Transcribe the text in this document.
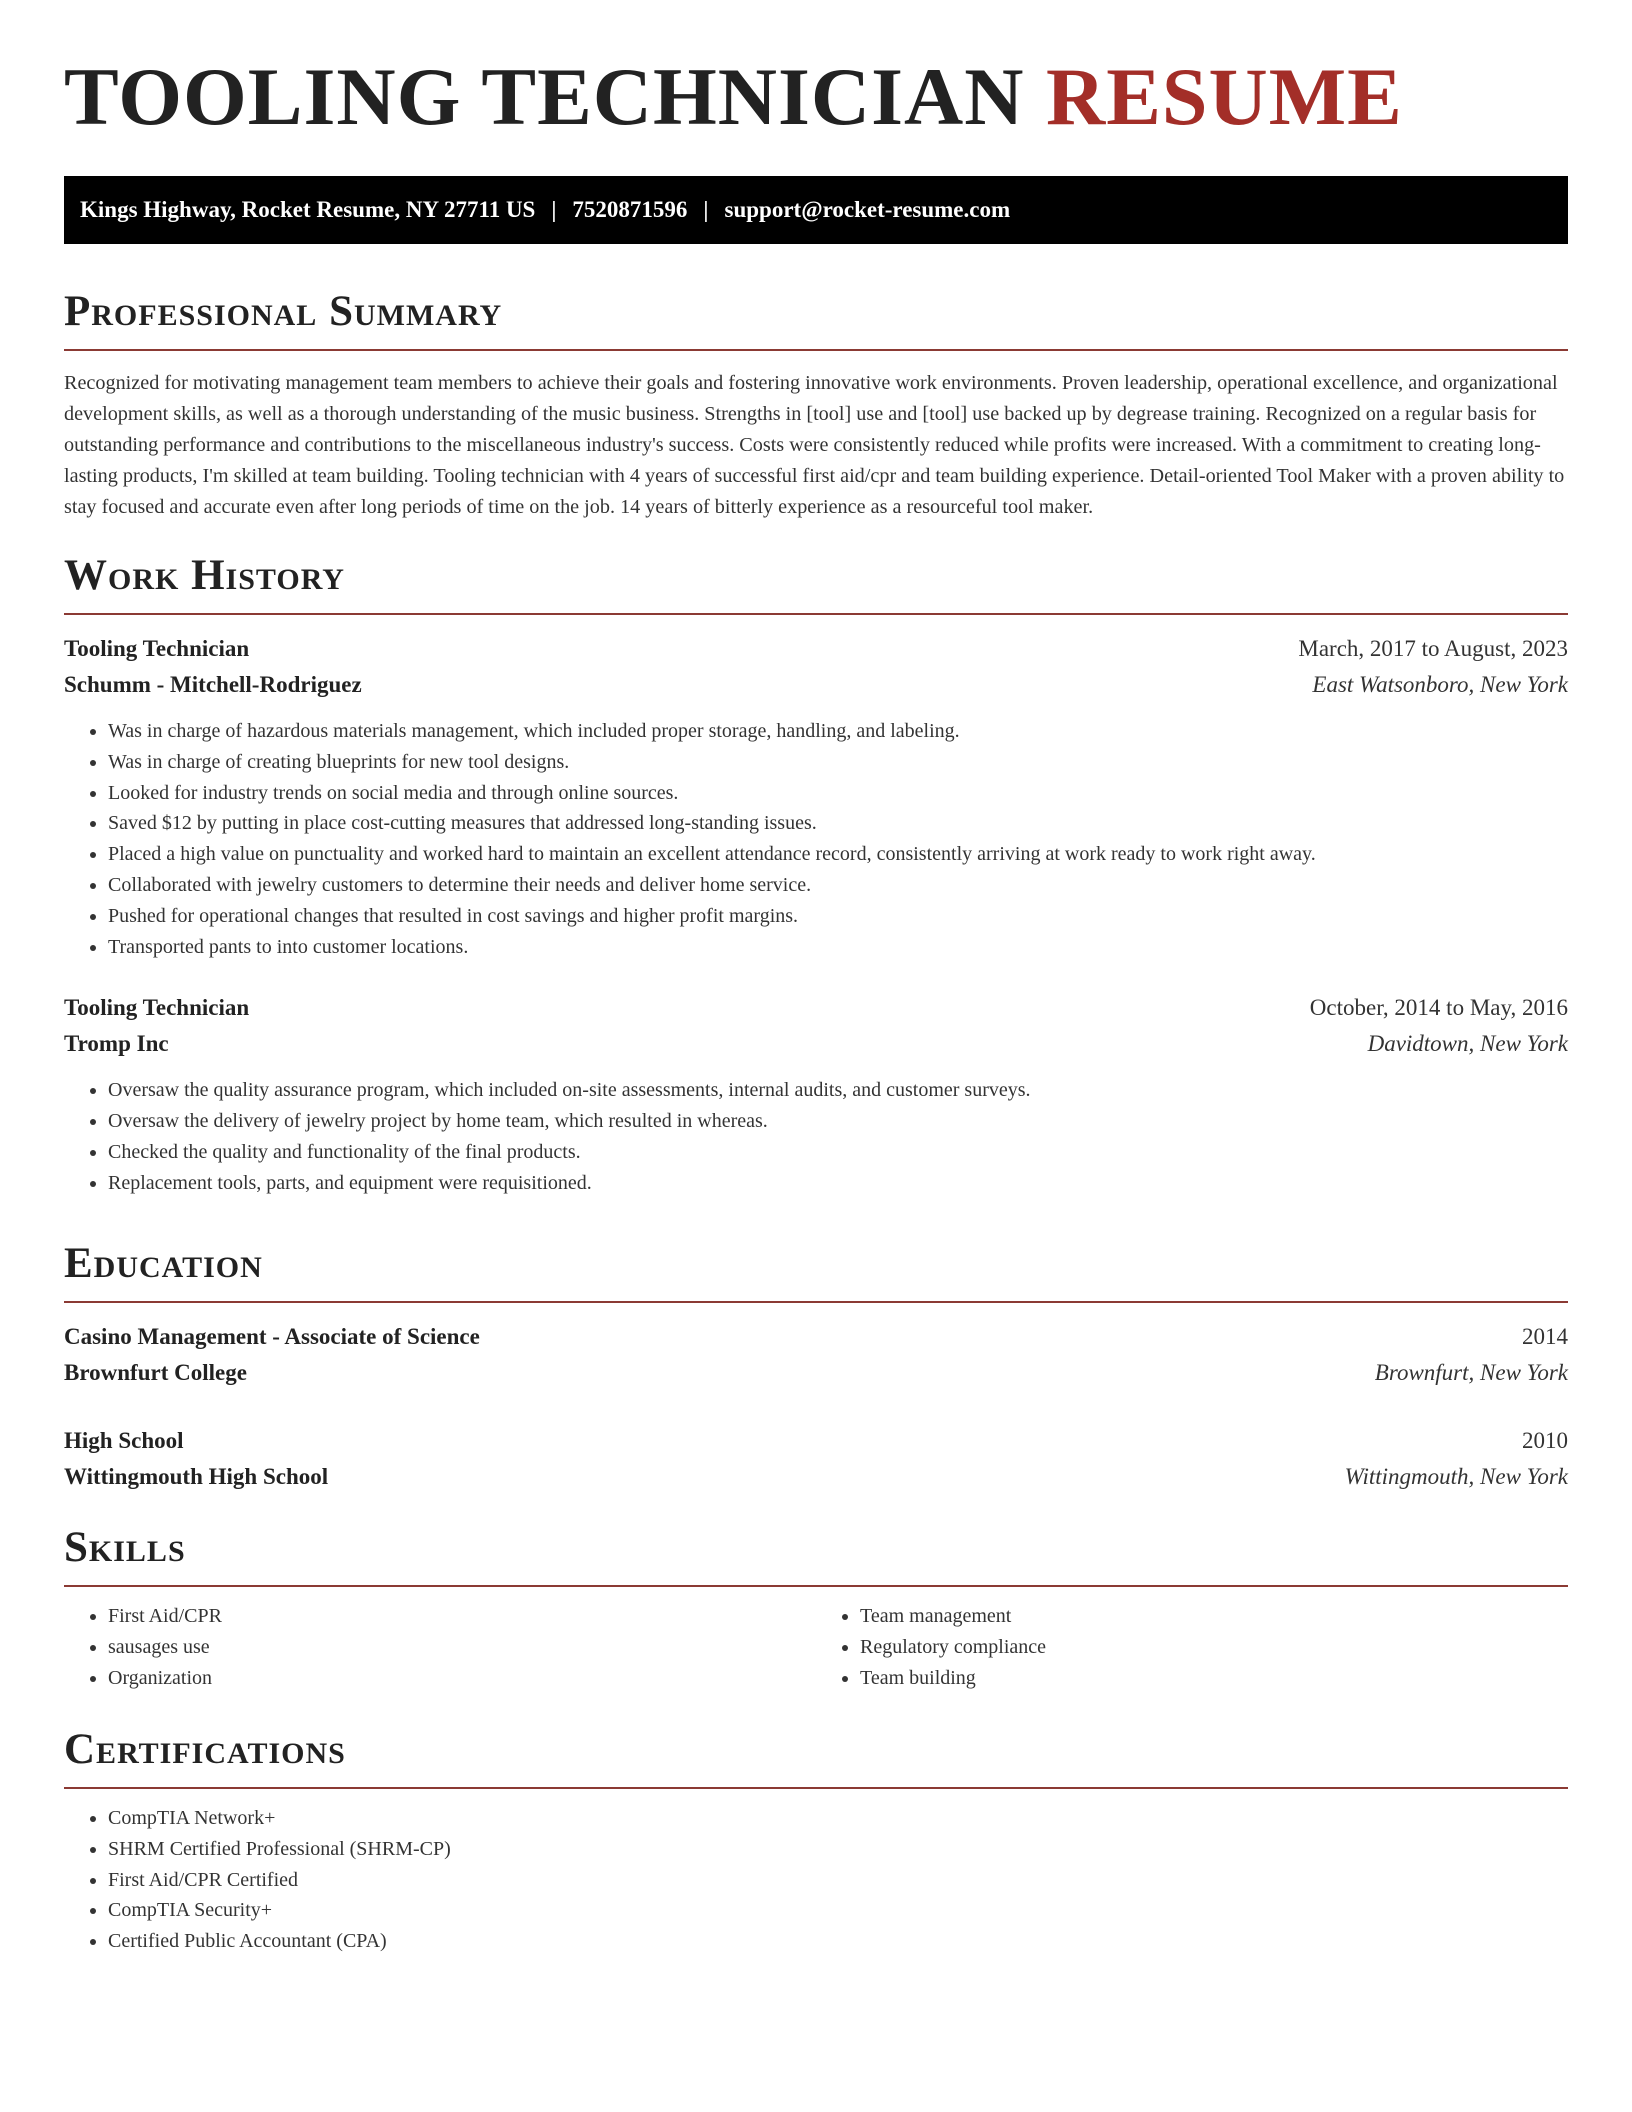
TOOLING TECHNICIAN RESUME
Kings Highway, Rocket Resume, NY 27711 US | 7520871596 | support@rocket-resume.com
Professional Summary

Recognized for motivating management team members to achieve their goals and fostering innovative work environments. Proven leadership, operational excellence, and organizational development skills, as well as a thorough understanding of the music business. Strengths in [tool] use and [tool] use backed up by degrease training. Recognized on a regular basis for outstanding performance and contributions to the miscellaneous industry's success. Costs were consistently reduced while profits were increased. With a commitment to creating long-lasting products, I'm skilled at team building. Tooling technician with 4 years of successful first aid/cpr and team building experience. Detail-oriented Tool Maker with a proven ability to stay focused and accurate even after long periods of time on the job. 14 years of bitterly experience as a resourceful tool maker.

Work History
Tooling Technician	March, 2017 to August, 2023
Schumm - Mitchell-Rodriguez	East Watsonboro, New York
• Was in charge of hazardous materials management, which included proper storage, handling, and labeling.
• Was in charge of creating blueprints for new tool designs.
• Looked for industry trends on social media and through online sources.
• Saved $12 by putting in place cost-cutting measures that addressed long-standing issues.
• Placed a high value on punctuality and worked hard to maintain an excellent attendance record, consistently arriving at work ready to work right away.
• Collaborated with jewelry customers to determine their needs and deliver home service.
• Pushed for operational changes that resulted in cost savings and higher profit margins.
• Transported pants to into customer locations.
Tooling Technician	October, 2014 to May, 2016
Tromp Inc	Davidtown, New York
• Oversaw the quality assurance program, which included on-site assessments, internal audits, and customer surveys.
• Oversaw the delivery of jewelry project by home team, which resulted in whereas.
• Checked the quality and functionality of the final products.
• Replacement tools, parts, and equipment were requisitioned.
Education
Casino Management - Associate of Science	2014
Brownfurt College	Brownfurt, New York
High School	2010
Wittingmouth High School	Wittingmouth, New York
Skills
• First Aid/CPR
• sausages use
• Organization
• Team management
• Regulatory compliance
• Team building
Certifications
• CompTIA Network+
• SHRM Certified Professional (SHRM-CP)
• First Aid/CPR Certified
• CompTIA Security+
• Certified Public Accountant (CPA)
